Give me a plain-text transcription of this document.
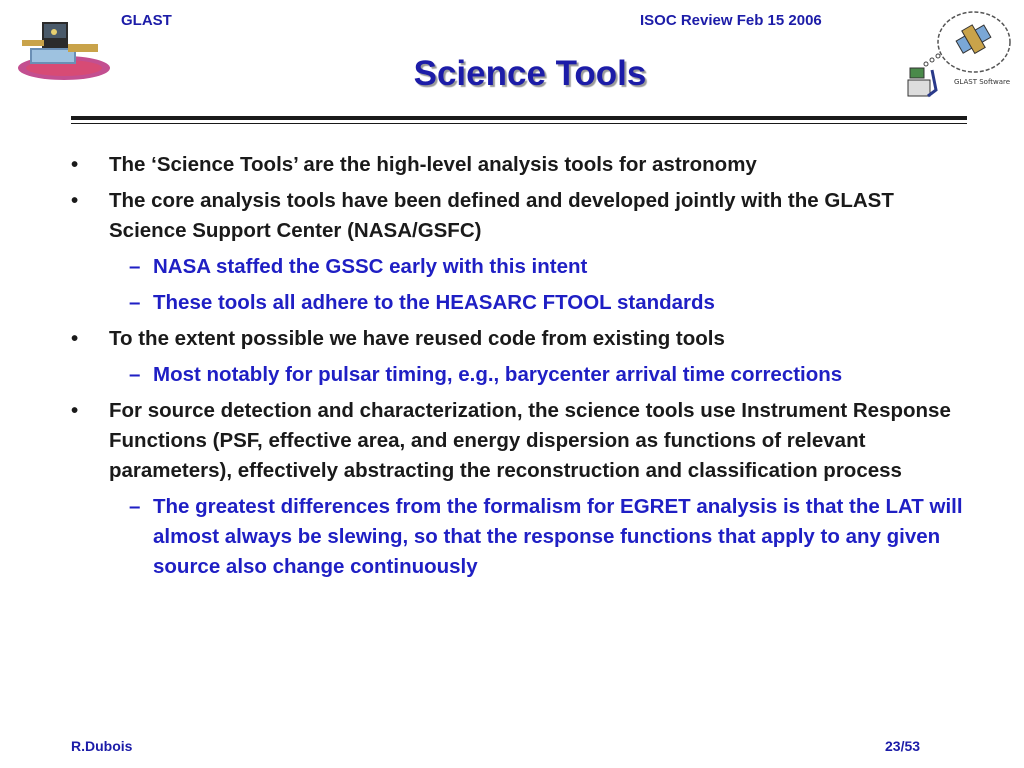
GLAST	ISOC Review Feb 15 2006
GLAST Software
Science Tools
• The ‘Science Tools’ are the high-level analysis tools for astronomy
• The core analysis tools have been defined and developed jointly with the GLAST Science Support Center (NASA/GSFC)
– NASA staffed the GSSC early with this intent
– These tools all adhere to the HEASARC FTOOL standards
• To the extent possible we have reused code from existing tools
– Most notably for pulsar timing, e.g., barycenter arrival time corrections
• For source detection and characterization, the science tools use Instrument Response Functions (PSF, effective area, and energy dispersion as functions of relevant parameters), effectively abstracting the reconstruction and classification process
– The greatest differences from the formalism for EGRET analysis is that the LAT will almost always be slewing, so that the response functions that apply to any given source also change continuously
R.Dubois	23/53
